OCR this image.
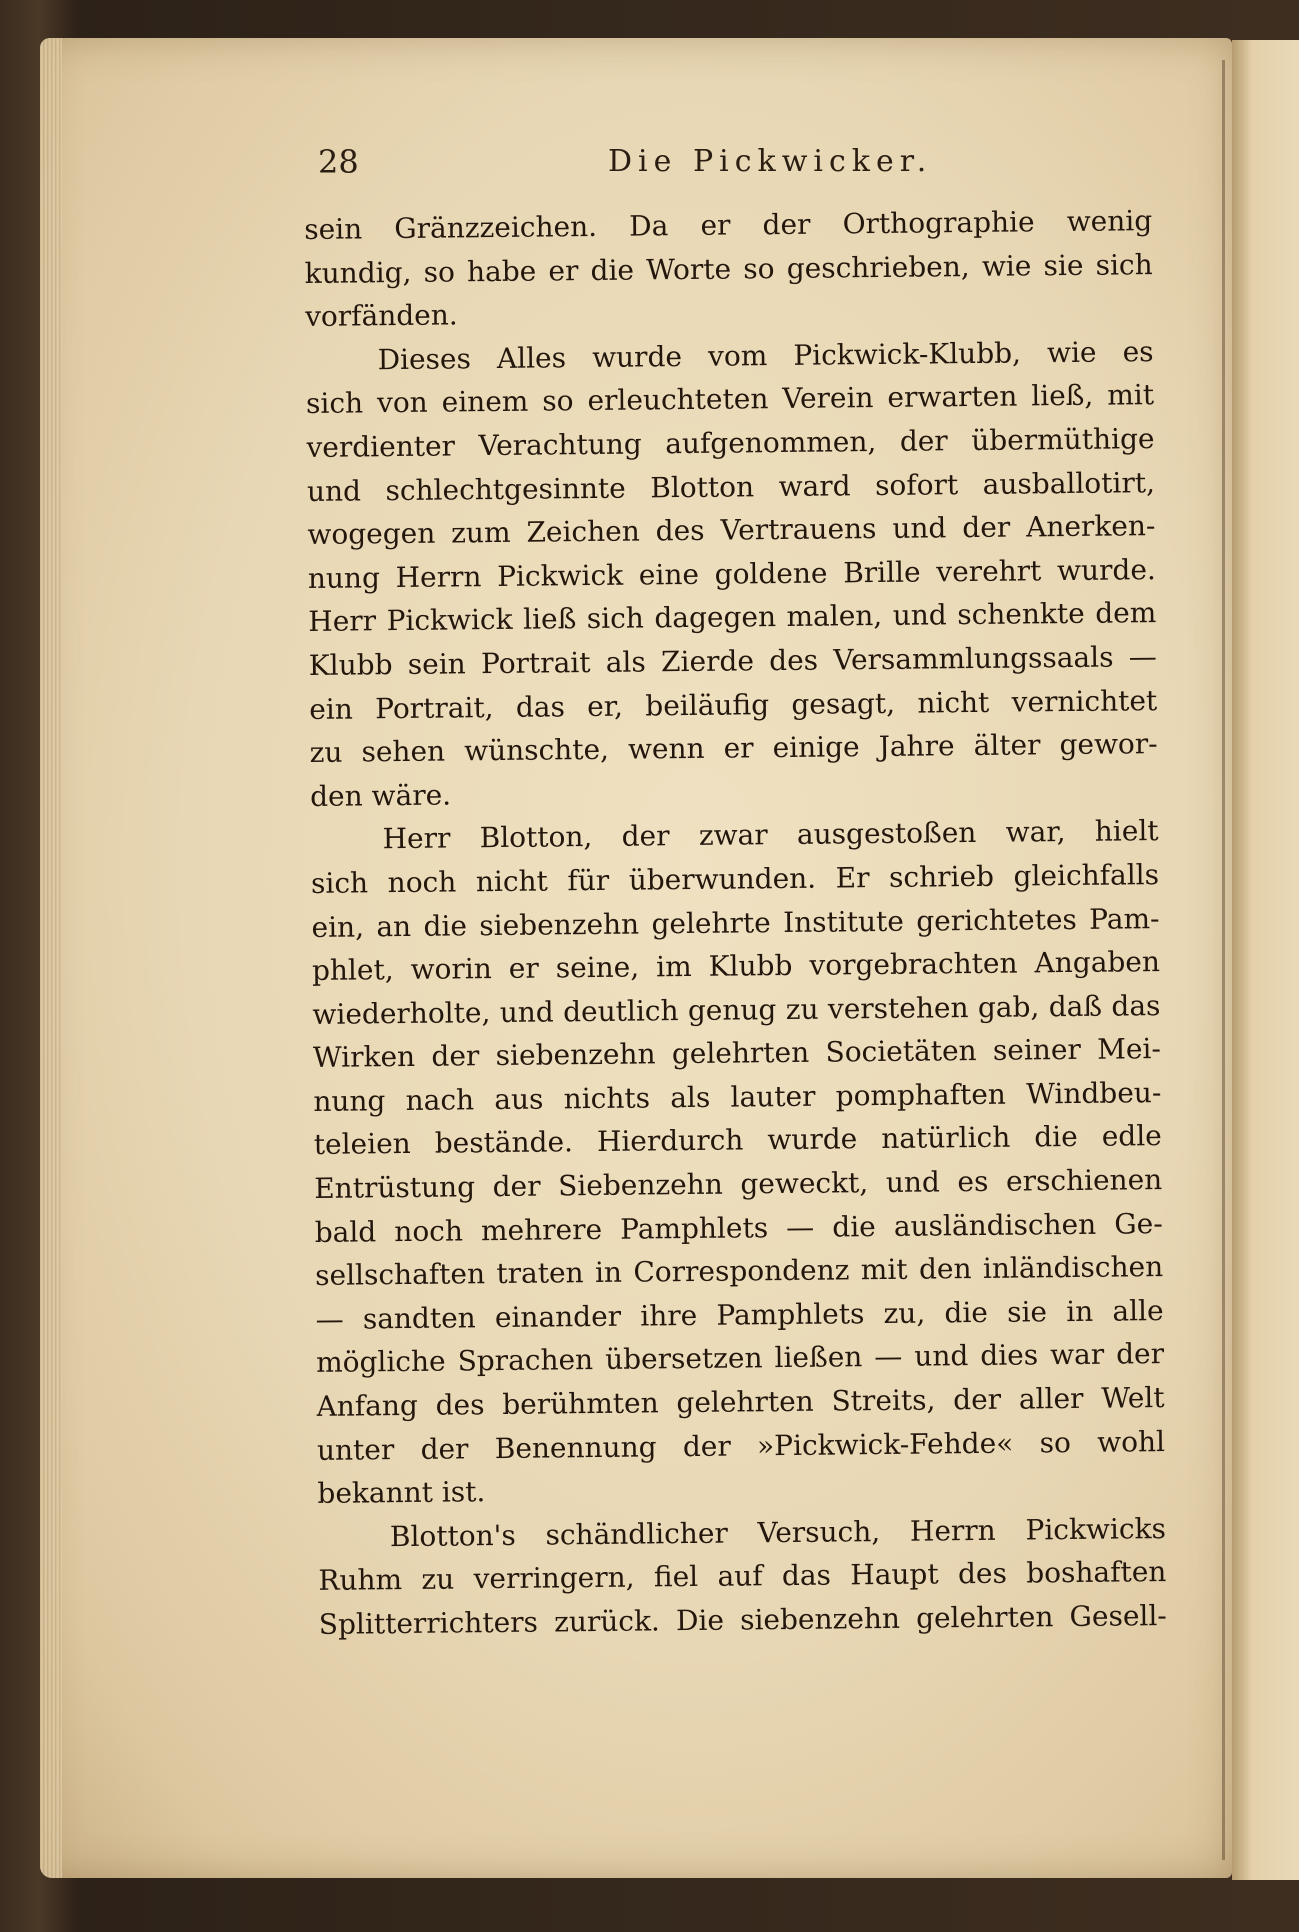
28	Die Pickwicker.
sein Gränzzeichen. Da er der Orthographie wenig
kundig, so habe er die Worte so geschrieben, wie sie sich
vorfänden.
Dieses Alles wurde vom Pickwick-Klubb, wie es
sich von einem so erleuchteten Verein erwarten ließ, mit
verdienter Verachtung aufgenommen, der übermüthige
und schlechtgesinnte Blotton ward sofort ausballotirt,
wogegen zum Zeichen des Vertrauens und der Anerken-
nung Herrn Pickwick eine goldene Brille verehrt wurde.
Herr Pickwick ließ sich dagegen malen, und schenkte dem
Klubb sein Portrait als Zierde des Versammlungssaals —
ein Portrait, das er, beiläufig gesagt, nicht vernichtet
zu sehen wünschte, wenn er einige Jahre älter gewor-
den wäre.
Herr Blotton, der zwar ausgestoßen war, hielt
sich noch nicht für überwunden. Er schrieb gleichfalls
ein, an die siebenzehn gelehrte Institute gerichtetes Pam-
phlet, worin er seine, im Klubb vorgebrachten Angaben
wiederholte, und deutlich genug zu verstehen gab, daß das
Wirken der siebenzehn gelehrten Societäten seiner Mei-
nung nach aus nichts als lauter pomphaften Windbeu-
teleien bestände. Hierdurch wurde natürlich die edle
Entrüstung der Siebenzehn geweckt, und es erschienen
bald noch mehrere Pamphlets — die ausländischen Ge-
sellschaften traten in Correspondenz mit den inländischen
— sandten einander ihre Pamphlets zu, die sie in alle
mögliche Sprachen übersetzen ließen — und dies war der
Anfang des berühmten gelehrten Streits, der aller Welt
unter der Benennung der »Pickwick-Fehde« so wohl
bekannt ist.
Blotton's schändlicher Versuch, Herrn Pickwicks
Ruhm zu verringern, fiel auf das Haupt des boshaften
Splitterrichters zurück. Die siebenzehn gelehrten Gesell-
